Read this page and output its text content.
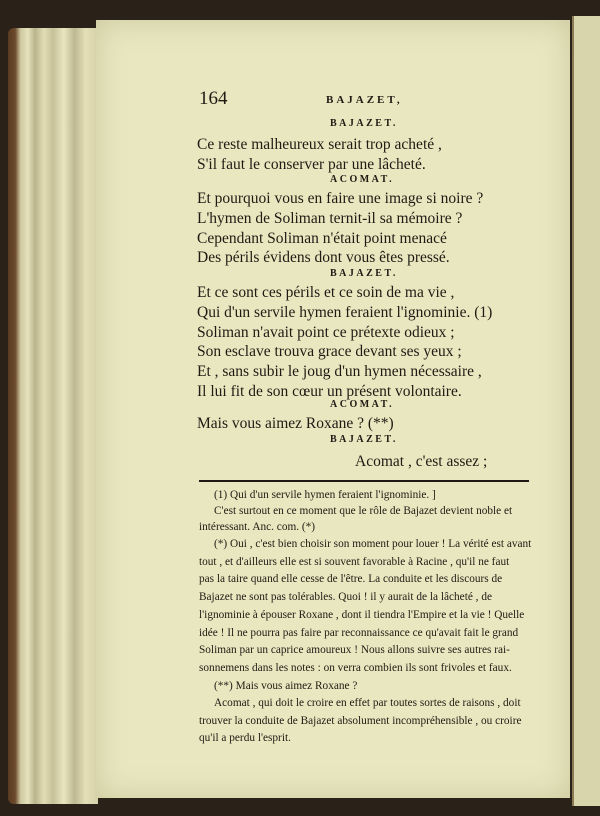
164	BAJAZET,
BAJAZET.
Ce reste malheureux serait trop acheté ,
S'il faut le conserver par une lâcheté.
ACOMAT.
Et pourquoi vous en faire une image si noire ?
L'hymen de Soliman ternit-il sa mémoire ?
Cependant Soliman n'était point menacé
Des périls évidens dont vous êtes pressé.
BAJAZET.
Et ce sont ces périls et ce soin de ma vie ,
Qui d'un servile hymen feraient l'ignominie. (1)
Soliman n'avait point ce prétexte odieux ;
Son esclave trouva grace devant ses yeux ;
Et , sans subir le joug d'un hymen nécessaire ,
Il lui fit de son cœur un présent volontaire.
ACOMAT.
Mais vous aimez Roxane ? (**)
BAJAZET.
Acomat , c'est assez ;
(1) Qui d'un servile hymen feraient l'ignominie. ]
C'est surtout en ce moment que le rôle de Bajazet devient noble et
intéressant. Anc. com. (*)
(*) Oui , c'est bien choisir son moment pour louer ! La vérité est avant
tout , et d'ailleurs elle est si souvent favorable à Racine , qu'il ne faut
pas la taire quand elle cesse de l'être. La conduite et les discours de
Bajazet ne sont pas tolérables. Quoi ! il y aurait de la lâcheté , de
l'ignominie à épouser Roxane , dont il tiendra l'Empire et la vie ! Quelle
idée ! Il ne pourra pas faire par reconnaissance ce qu'avait fait le grand
Soliman par un caprice amoureux ! Nous allons suivre ses autres rai-
sonnemens dans les notes : on verra combien ils sont frivoles et faux.
(**) Mais vous aimez Roxane ?
Acomat , qui doit le croire en effet par toutes sortes de raisons , doit
trouver la conduite de Bajazet absolument incompréhensible , ou croire
qu'il a perdu l'esprit.
